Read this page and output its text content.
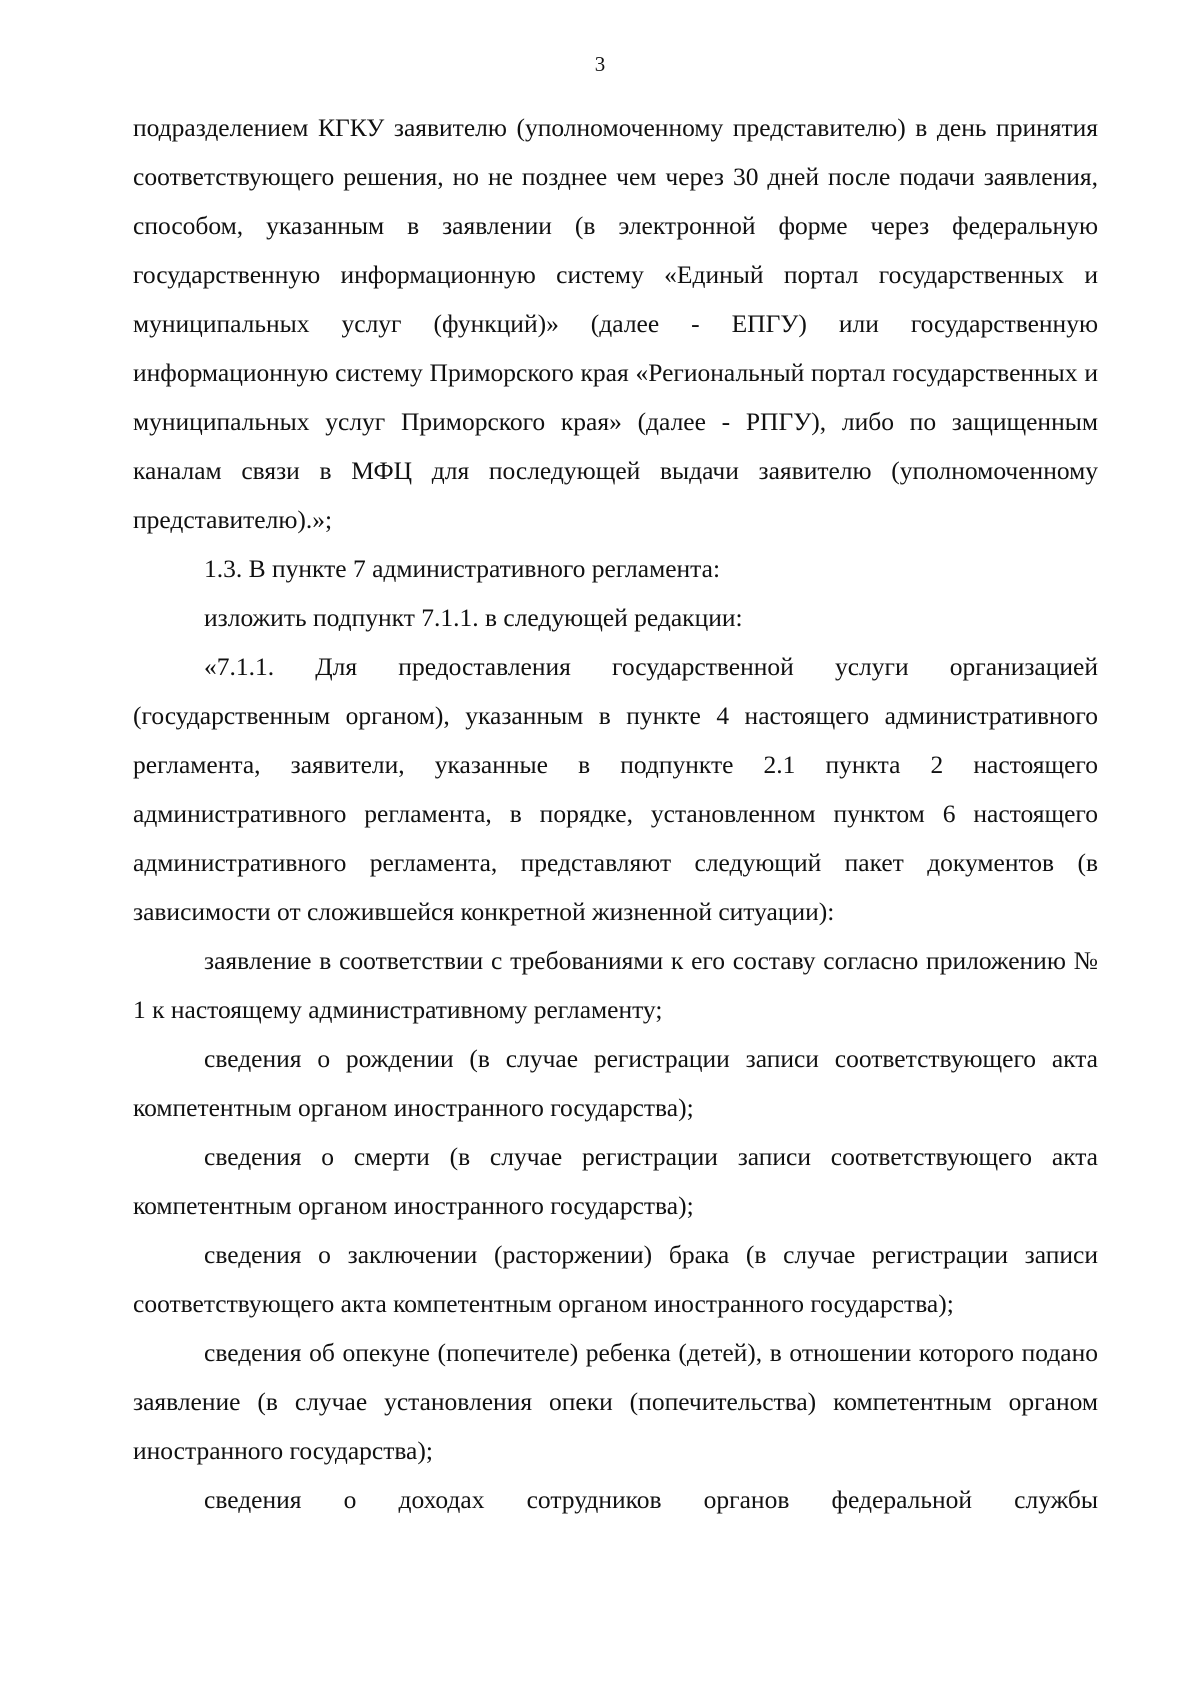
3

подразделением КГКУ заявителю (уполномоченному представителю) в день принятия соответствующего решения, но не позднее чем через 30 дней после подачи заявления, способом, указанным в заявлении (в электронной форме через федеральную государственную информационную систему «Единый портал государственных и муниципальных услуг (функций)» (далее - ЕПГУ) или государственную информационную систему Приморского края «Региональный портал государственных и муниципальных услуг Приморского края» (далее - РПГУ), либо по защищенным каналам связи в МФЦ для последующей выдачи заявителю (уполномоченному представителю).»;

1.3. В пункте 7 административного регламента:

изложить подпункт 7.1.1. в следующей редакции:

«7.1.1. Для предоставления государственной услуги организацией (государственным органом), указанным в пункте 4 настоящего административного регламента, заявители, указанные в подпункте 2.1 пункта 2 настоящего административного регламента, в порядке, установленном пунктом 6 настоящего административного регламента, представляют следующий пакет документов (в зависимости от сложившейся конкретной жизненной ситуации):

заявление в соответствии с требованиями к его составу согласно приложению № 1 к настоящему административному регламенту;

сведения о рождении (в случае регистрации записи соответствующего акта компетентным органом иностранного государства);

сведения о смерти (в случае регистрации записи соответствующего акта компетентным органом иностранного государства);

сведения о заключении (расторжении) брака (в случае регистрации записи соответствующего акта компетентным органом иностранного государства);

сведения об опекуне (попечителе) ребенка (детей), в отношении которого подано заявление (в случае установления опеки (попечительства) компетентным органом иностранного государства);

сведения о доходах сотрудников органов федеральной службы
